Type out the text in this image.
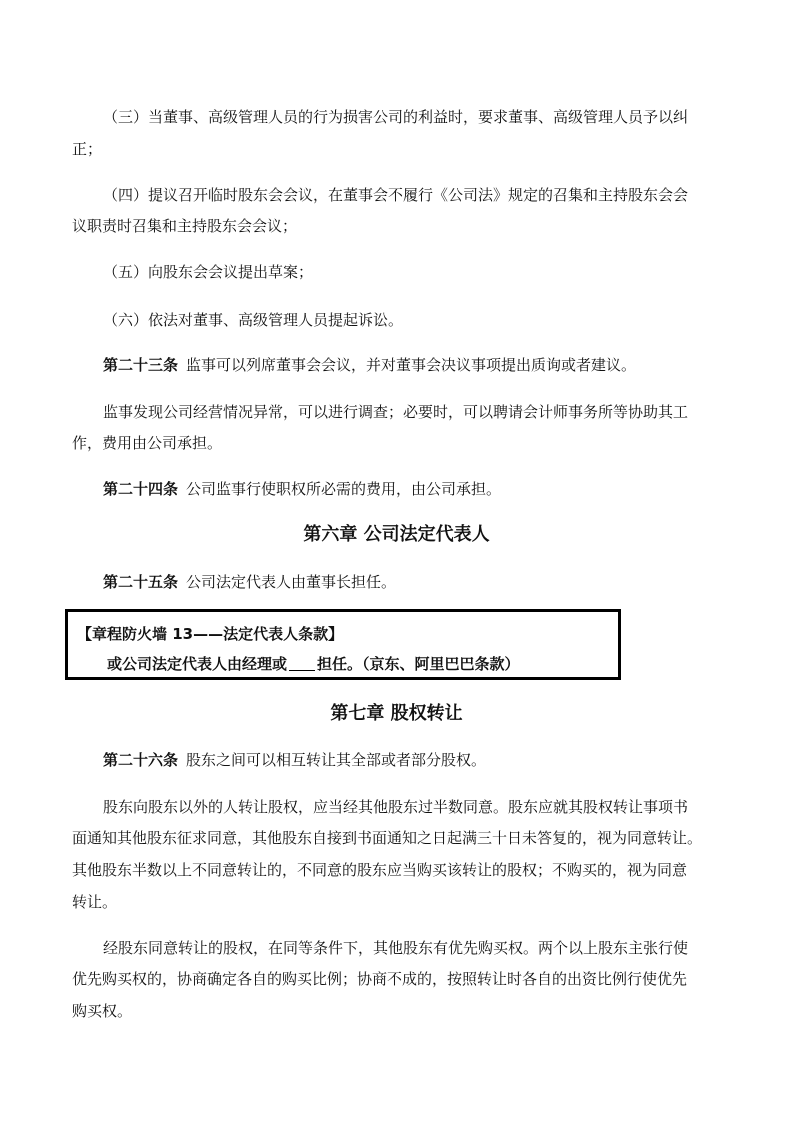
（三）当董事、高级管理人员的行为损害公司的利益时，要求董事、高级管理人员予以纠
正；
（四）提议召开临时股东会会议，在董事会不履行《公司法》规定的召集和主持股东会会
议职责时召集和主持股东会会议；
（五）向股东会会议提出草案；
（六）依法对董事、高级管理人员提起诉讼。
第二十三条 监事可以列席董事会会议，并对董事会决议事项提出质询或者建议。
监事发现公司经营情况异常，可以进行调查；必要时，可以聘请会计师事务所等协助其工
作，费用由公司承担。
第二十四条 公司监事行使职权所必需的费用，由公司承担。
第六章 公司法定代表人
第二十五条 公司法定代表人由董事长担任。
【章程防火墙 13——法定代表人条款】
或公司法定代表人由经理或 担任。（京东、阿里巴巴条款）
第七章 股权转让
第二十六条 股东之间可以相互转让其全部或者部分股权。
股东向股东以外的人转让股权，应当经其他股东过半数同意。股东应就其股权转让事项书
面通知其他股东征求同意，其他股东自接到书面通知之日起满三十日未答复的，视为同意转让。
其他股东半数以上不同意转让的，不同意的股东应当购买该转让的股权；不购买的，视为同意
转让。
经股东同意转让的股权，在同等条件下，其他股东有优先购买权。两个以上股东主张行使
优先购买权的，协商确定各自的购买比例；协商不成的，按照转让时各自的出资比例行使优先
购买权。
